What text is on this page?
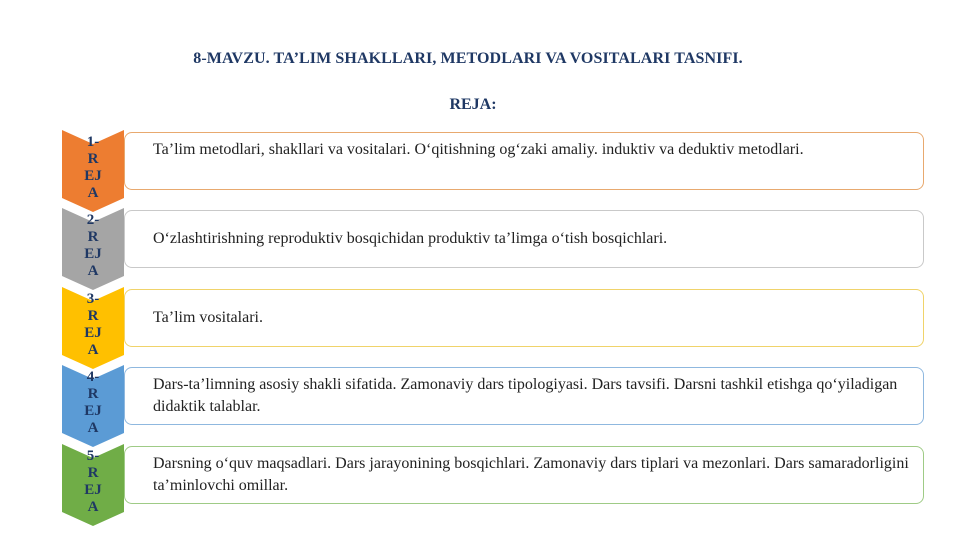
8-MAVZU. TA’LIM SHAKLLARI, METODLARI VA VOSITALARI TASNIFI.
REJA:
1-
R
EJ
A
Ta’lim metodlari, shakllari va vositalari. O‘qitishning og‘zaki amaliy. induktiv va deduktiv metodlari.
2-
R
EJ
A
O‘zlashtirishning reproduktiv bosqichidan produktiv ta’limga o‘tish bosqichlari.
3-
R
EJ
A
Ta’lim vositalari.
4-
R
EJ
A
Dars-ta’limning asosiy shakli sifatida. Zamonaviy dars tipologiyasi. Dars tavsifi. Darsni tashkil etishga qo‘yiladigan didaktik talablar.
5-
R
EJ
A
Darsning o‘quv maqsadlari. Dars jarayonining bosqichlari. Zamonaviy dars tiplari va mezonlari. Dars samaradorligini ta’minlovchi omillar.
